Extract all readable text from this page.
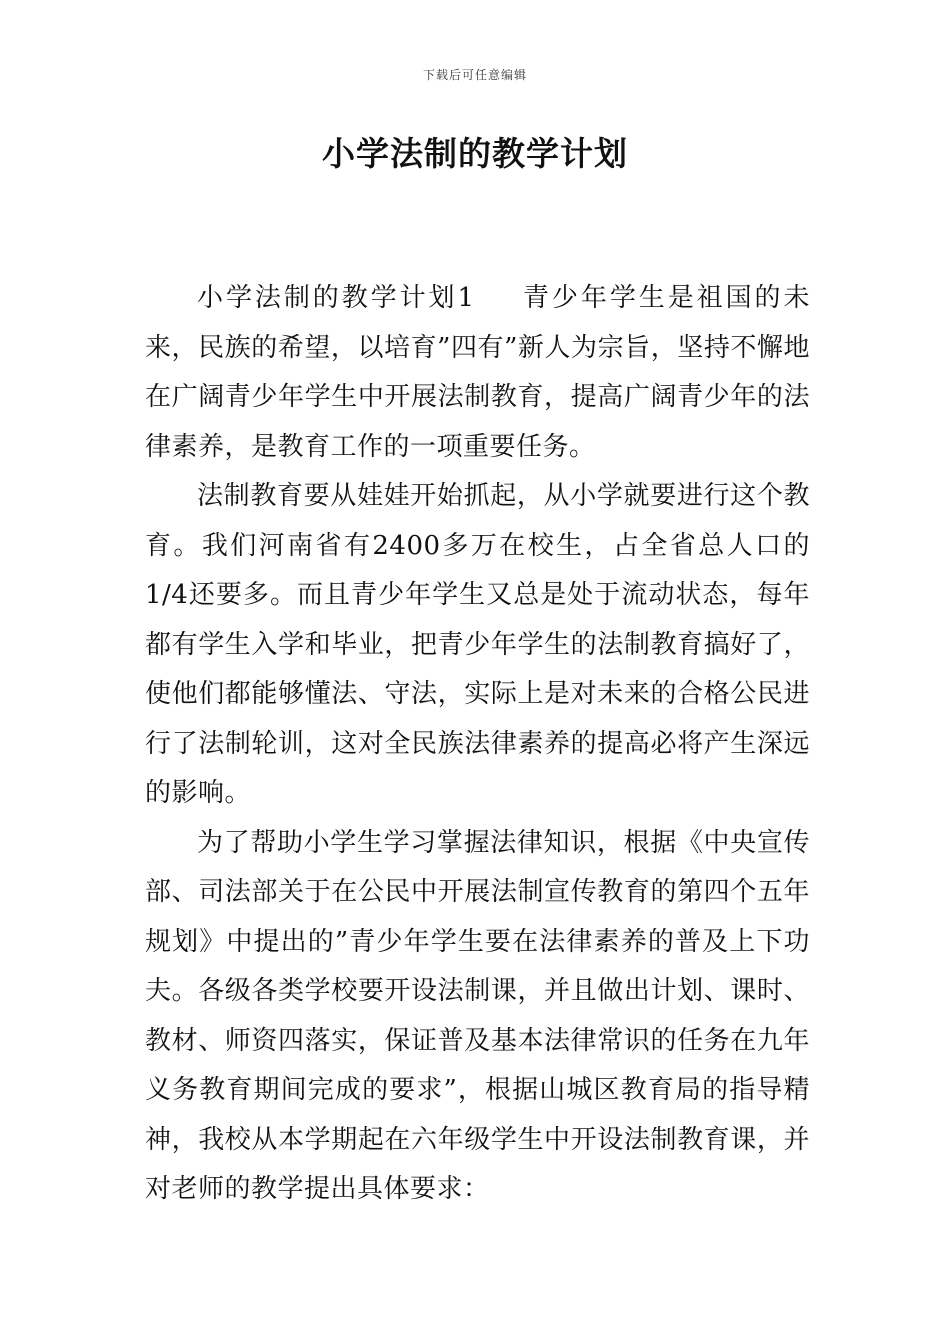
下载后可任意编辑
小学法制的教学计划

小学法制的教学计划1 青少年学生是祖国的未来，民族的希望，以培育”四有”新人为宗旨，坚持不懈地在广阔青少年学生中开展法制教育，提高广阔青少年的法律素养，是教育工作的一项重要任务。

法制教育要从娃娃开始抓起，从小学就要进行这个教育。我们河南省有2400多万在校生，占全省总人口的1/4还要多。而且青少年学生又总是处于流动状态，每年都有学生入学和毕业，把青少年学生的法制教育搞好了，使他们都能够懂法、守法，实际上是对未来的合格公民进行了法制轮训，这对全民族法律素养的提高必将产生深远的影响。

为了帮助小学生学习掌握法律知识，根据《中央宣传部、司法部关于在公民中开展法制宣传教育的第四个五年规划》中提出的”青少年学生要在法律素养的普及上下功夫。各级各类学校要开设法制课，并且做出计划、课时、教材、师资四落实，保证普及基本法律常识的任务在九年义务教育期间完成的要求”，根据山城区教育局的指导精神，我校从本学期起在六年级学生中开设法制教育课，并对老师的教学提出具体要求：
